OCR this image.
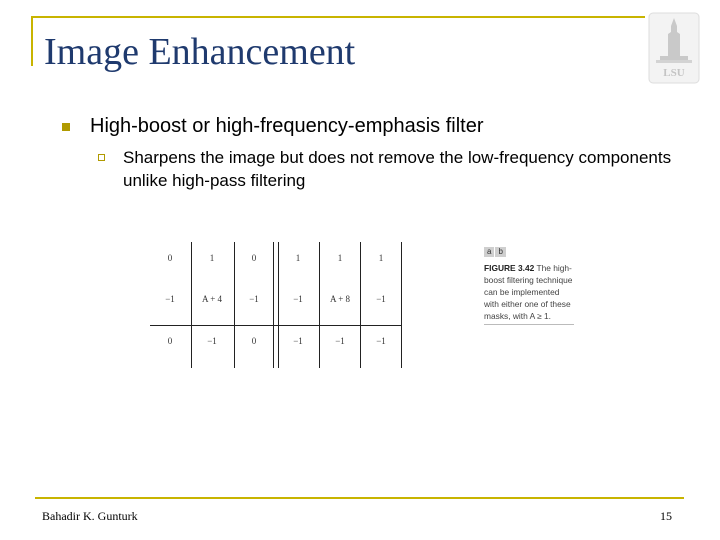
Image Enhancement	LSU
High-boost or high-frequency-emphasis filter
Sharpens the image but does not remove the low-frequency components unlike high-pass filtering
0	1	0
−1	A + 4	−1
0	−1	0
1	1	1
−1	A + 8	−1
−1	−1	−1
a b
FIGURE 3.42 The high-boost filtering technique can be implemented with either one of these masks, with A ≥ 1.
Bahadir K. Gunturk	15
